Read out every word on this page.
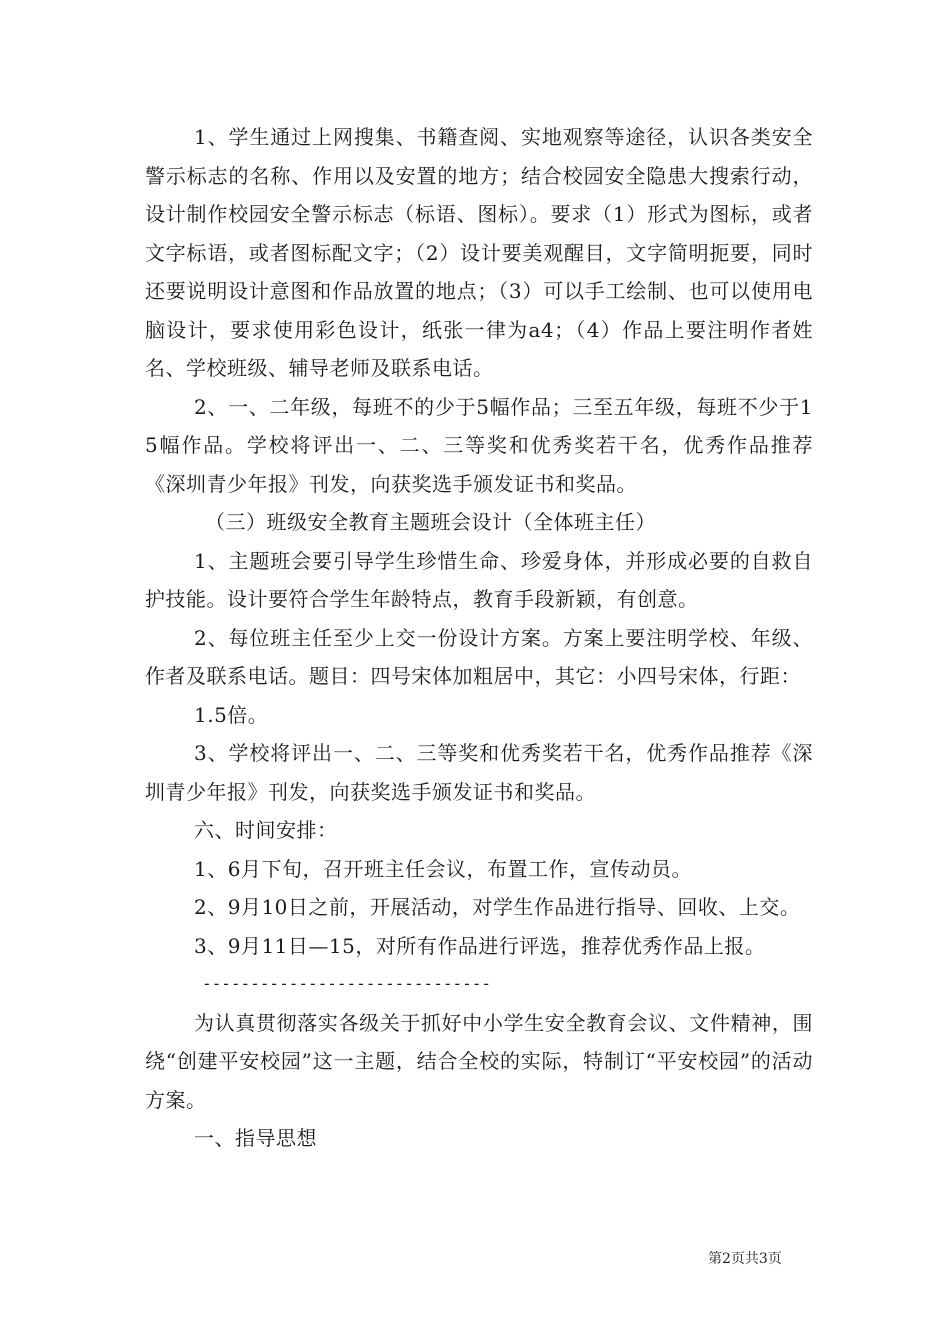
1、学生通过上网搜集、书籍查阅、实地观察等途径，认识各类安全警示标志的名称、作用以及安置的地方；结合校园安全隐患大搜索行动，设计制作校园安全警示标志（标语、图标）。要求（1）形式为图标，或者文字标语，或者图标配文字；（2）设计要美观醒目，文字简明扼要，同时还要说明设计意图和作品放置的地点；（3）可以手工绘制、也可以使用电脑设计，要求使用彩色设计，纸张一律为a4；（4）作品上要注明作者姓名、学校班级、辅导老师及联系电话。

2、一、二年级，每班不的少于5幅作品；三至五年级，每班不少于15幅作品。学校将评出一、二、三等奖和优秀奖若干名，优秀作品推荐《深圳青少年报》刊发，向获奖选手颁发证书和奖品。

（三）班级安全教育主题班会设计（全体班主任）

1、主题班会要引导学生珍惜生命、珍爱身体，并形成必要的自救自护技能。设计要符合学生年龄特点，教育手段新颖，有创意。

2、每位班主任至少上交一份设计方案。方案上要注明学校、年级、作者及联系电话。题目：四号宋体加粗居中，其它：小四号宋体，行距：

1.5倍。

3、学校将评出一、二、三等奖和优秀奖若干名，优秀作品推荐《深圳青少年报》刊发，向获奖选手颁发证书和奖品。

六、时间安排：

1、6月下旬，召开班主任会议，布置工作，宣传动员。

2、9月10日之前，开展活动，对学生作品进行指导、回收、上交。

3、9月11日—15，对所有作品进行评选，推荐优秀作品上报。

------------------------------

为认真贯彻落实各级关于抓好中小学生安全教育会议、文件精神，围绕“创建平安校园”这一主题，结合全校的实际，特制订“平安校园”的活动方案。

一、指导思想

第2页共3页
